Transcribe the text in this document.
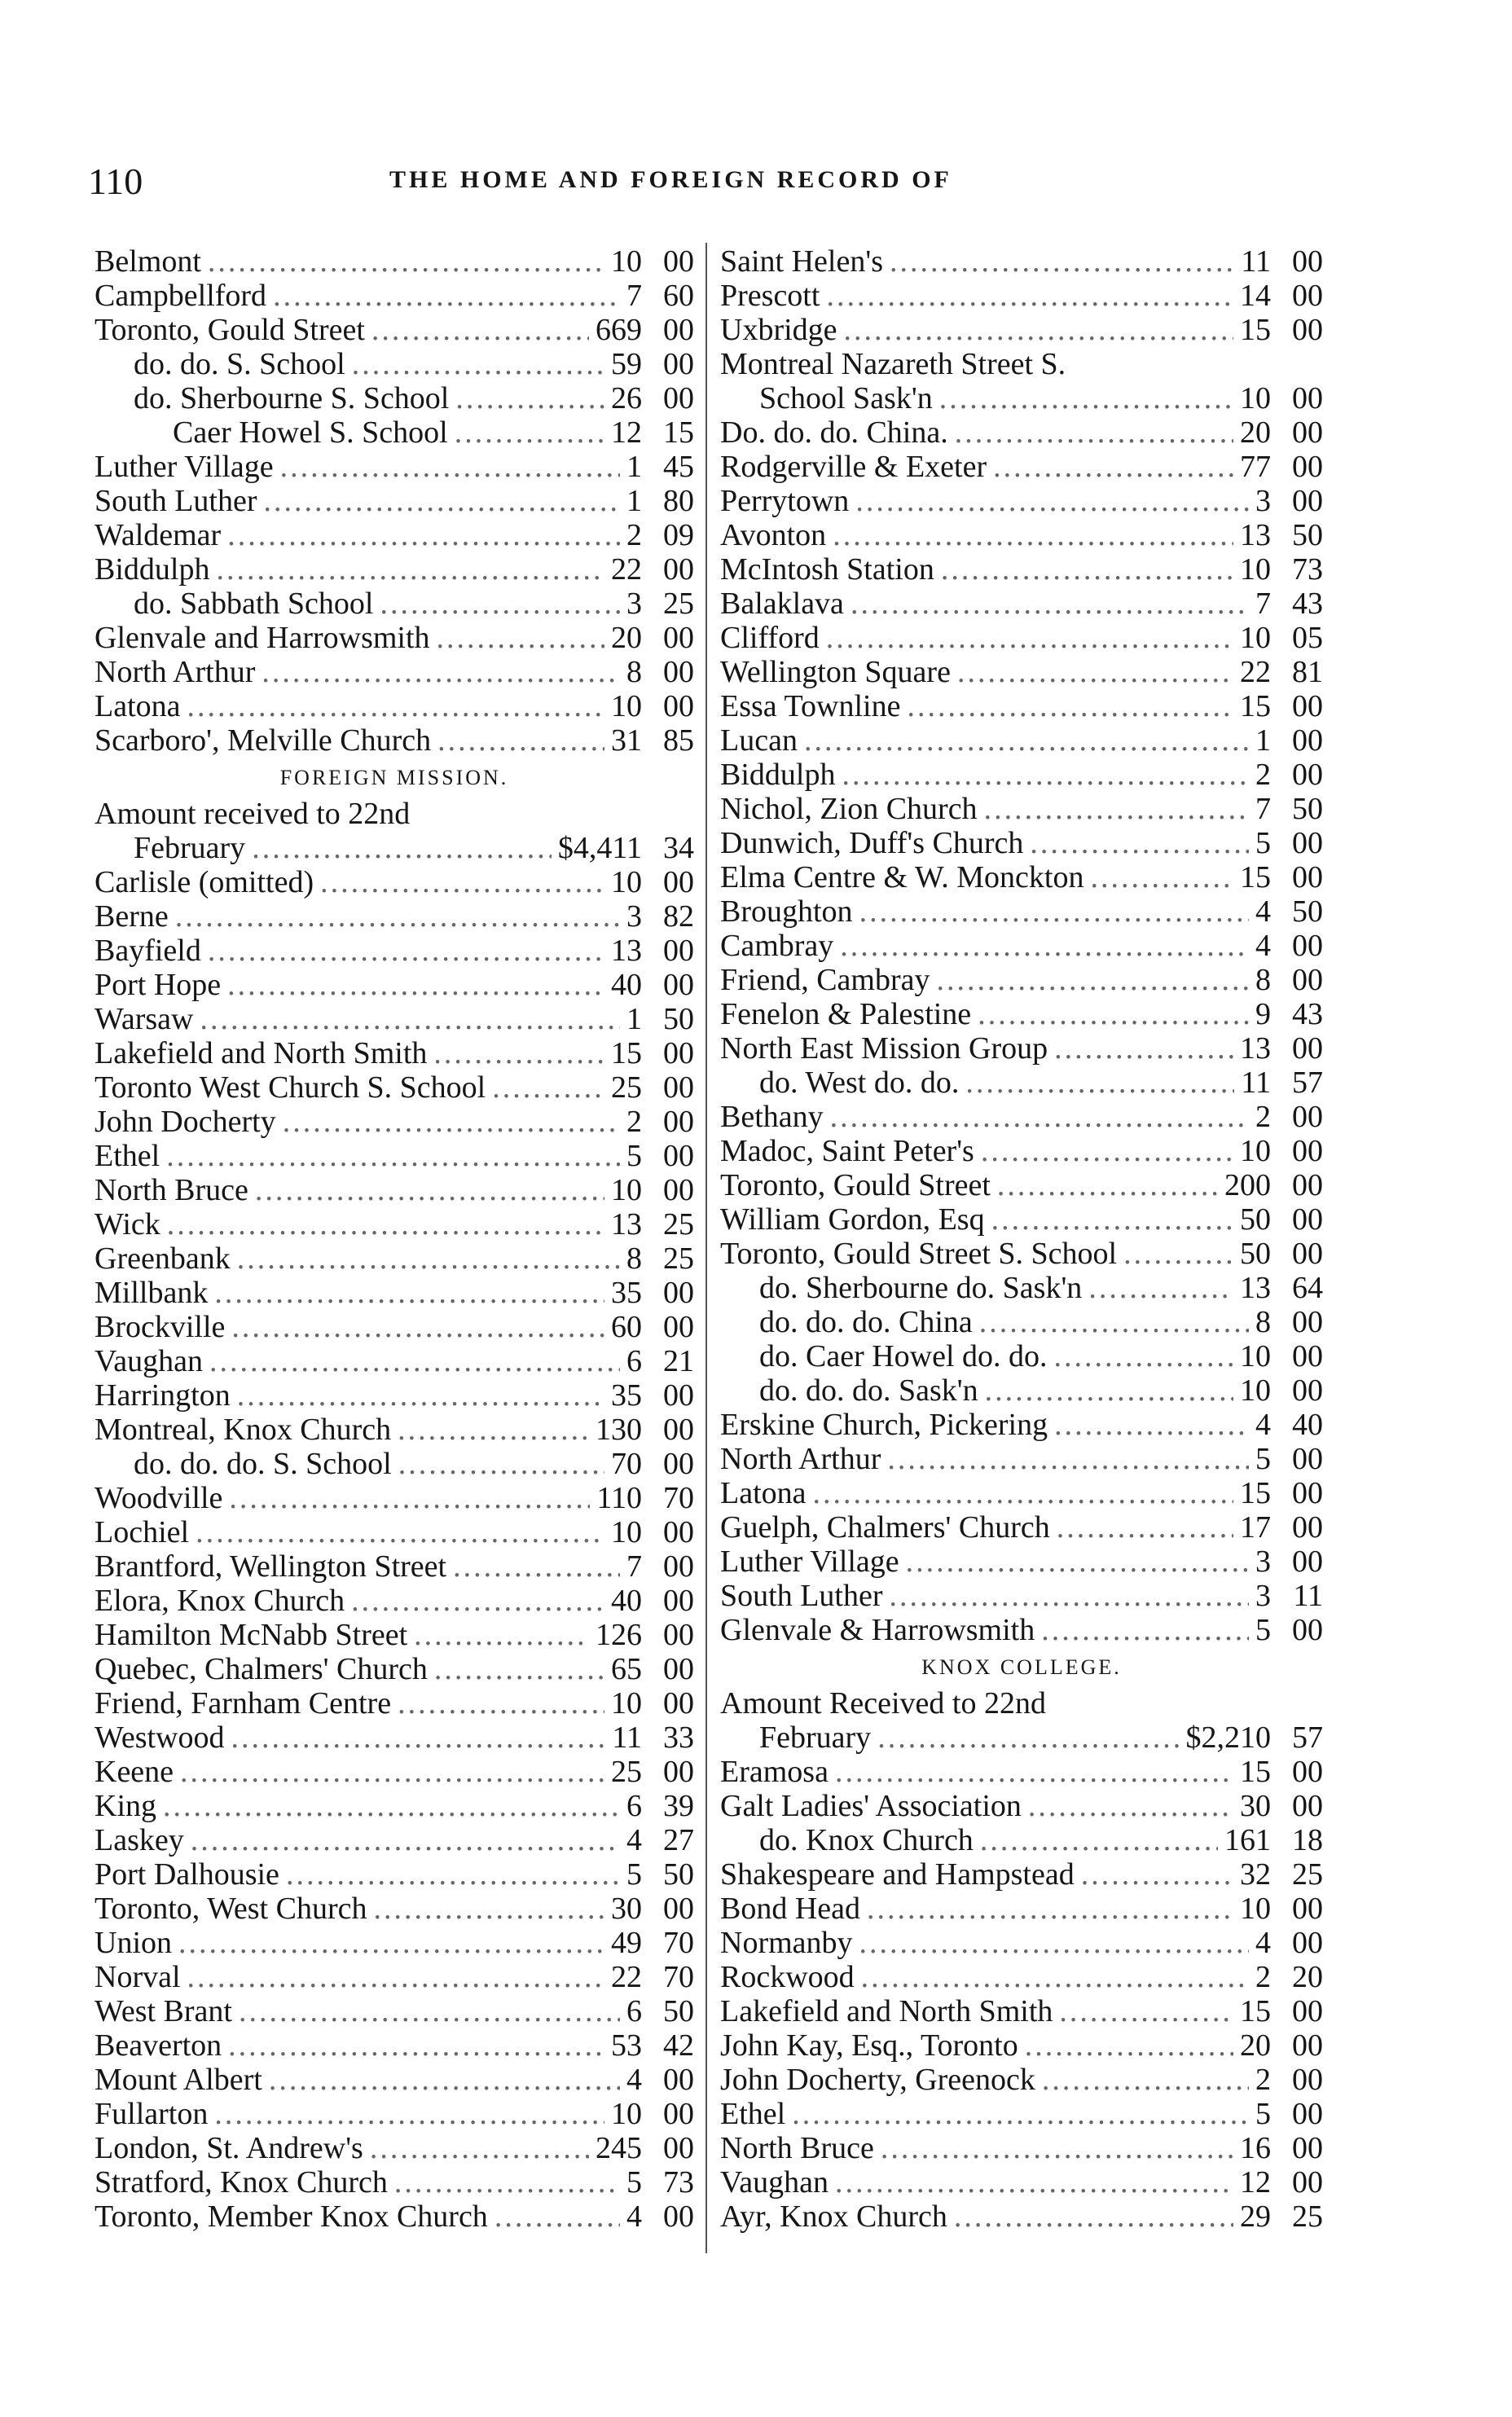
110	THE HOME AND FOREIGN RECORD OF
Belmont .....	10 00
Campbellford .....	7 60
Toronto, Gould Street .....	669 00
do. do. S. School .....	59 00
do. Sherbourne S. School .....	26 00
Caer Howel S. School .....	12 15
Luther Village .....	1 45
South Luther .....	1 80
Waldemar .....	2 09
Biddulph .....	22 00
do. Sabbath School .....	3 25
Glenvale and Harrowsmith .....	20 00
North Arthur .....	8 00
Latona .....	10 00
Scarboro', Melville Church .....	31 85
FOREIGN MISSION.
Amount received to 22nd
February .....	$4,411 34
Carlisle (omitted) .....	10 00
Berne .....	3 82
Bayfield .....	13 00
Port Hope .....	40 00
Warsaw .....	1 50
Lakefield and North Smith .....	15 00
Toronto West Church S. School .....	25 00
John Docherty .....	2 00
Ethel .....	5 00
North Bruce .....	10 00
Wick .....	13 25
Greenbank .....	8 25
Millbank .....	35 00
Brockville .....	60 00
Vaughan .....	6 21
Harrington .....	35 00
Montreal, Knox Church .....	130 00
do. do. do. S. School .....	70 00
Woodville .....	110 70
Lochiel .....	10 00
Brantford, Wellington Street .....	7 00
Elora, Knox Church .....	40 00
Hamilton McNabb Street .....	126 00
Quebec, Chalmers' Church .....	65 00
Friend, Farnham Centre .....	10 00
Westwood .....	11 33
Keene .....	25 00
King .....	6 39
Laskey .....	4 27
Port Dalhousie .....	5 50
Toronto, West Church .....	30 00
Union .....	49 70
Norval .....	22 70
West Brant .....	6 50
Beaverton .....	53 42
Mount Albert .....	4 00
Fullarton .....	10 00
London, St. Andrew's .....	245 00
Stratford, Knox Church .....	5 73
Toronto, Member Knox Church .....	4 00
Saint Helen's .....	11 00
Prescott .....	14 00
Uxbridge .....	15 00
Montreal Nazareth Street S.
School Sask'n .....	10 00
Do. do. do. China. .....	20 00
Rodgerville & Exeter .....	77 00
Perrytown .....	3 00
Avonton .....	13 50
McIntosh Station .....	10 73
Balaklava .....	7 43
Clifford .....	10 05
Wellington Square .....	22 81
Essa Townline .....	15 00
Lucan .....	1 00
Biddulph .....	2 00
Nichol, Zion Church .....	7 50
Dunwich, Duff's Church .....	5 00
Elma Centre & W. Monckton .....	15 00
Broughton .....	4 50
Cambray .....	4 00
Friend, Cambray .....	8 00
Fenelon & Palestine .....	9 43
North East Mission Group .....	13 00
do. West do. do. .....	11 57
Bethany .....	2 00
Madoc, Saint Peter's .....	10 00
Toronto, Gould Street .....	200 00
William Gordon, Esq .....	50 00
Toronto, Gould Street S. School .....	50 00
do. Sherbourne do. Sask'n .....	13 64
do. do. do. China .....	8 00
do. Caer Howel do. do. .....	10 00
do. do. do. Sask'n .....	10 00
Erskine Church, Pickering .....	4 40
North Arthur .....	5 00
Latona .....	15 00
Guelph, Chalmers' Church .....	17 00
Luther Village .....	3 00
South Luther .....	3 11
Glenvale & Harrowsmith .....	5 00
KNOX COLLEGE.
Amount Received to 22nd
February .....	$2,210 57
Eramosa .....	15 00
Galt Ladies' Association .....	30 00
do. Knox Church .....	161 18
Shakespeare and Hampstead .....	32 25
Bond Head .....	10 00
Normanby .....	4 00
Rockwood .....	2 20
Lakefield and North Smith .....	15 00
John Kay, Esq., Toronto .....	20 00
John Docherty, Greenock .....	2 00
Ethel .....	5 00
North Bruce .....	16 00
Vaughan .....	12 00
Ayr, Knox Church .....	29 25
